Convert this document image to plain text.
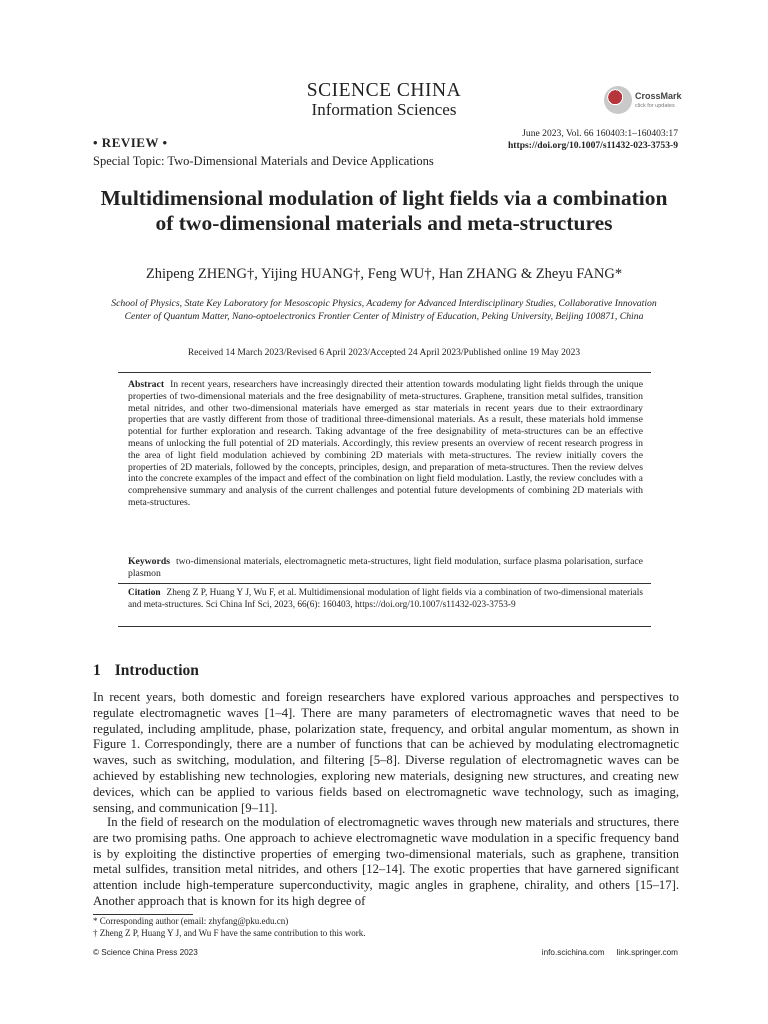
SCIENCE CHINA
Information Sciences
CrossMark
click for updates
• REVIEW •
June 2023, Vol. 66 160403:1–160403:17
https://doi.org/10.1007/s11432-023-3753-9
Special Topic: Two-Dimensional Materials and Device Applications
Multidimensional modulation of light fields via a combination of two-dimensional materials and meta-structures
Zhipeng ZHENG†, Yijing HUANG†, Feng WU†, Han ZHANG & Zheyu FANG*
School of Physics, State Key Laboratory for Mesoscopic Physics, Academy for Advanced Interdisciplinary Studies, Collaborative Innovation Center of Quantum Matter, Nano-optoelectronics Frontier Center of Ministry of Education, Peking University, Beijing 100871, China
Received 14 March 2023/Revised 6 April 2023/Accepted 24 April 2023/Published online 19 May 2023
Abstract In recent years, researchers have increasingly directed their attention towards modulating light fields through the unique properties of two-dimensional materials and the free designability of meta-structures. Graphene, transition metal sulfides, transition metal nitrides, and other two-dimensional materials have emerged as star materials in recent years due to their extraordinary properties that are vastly different from those of traditional three-dimensional materials. As a result, these materials hold immense potential for further exploration and research. Taking advantage of the free designability of meta-structures can be an effective means of unlocking the full potential of 2D materials. Accordingly, this review presents an overview of recent research progress in the area of light field modulation achieved by combining 2D materials with meta-structures. The review initially covers the properties of 2D materials, followed by the concepts, principles, design, and preparation of meta-structures. Then the review delves into the concrete examples of the impact and effect of the combination on light field modulation. Lastly, the review concludes with a comprehensive summary and analysis of the current challenges and potential future developments of combining 2D materials with meta-structures.
Keywords two-dimensional materials, electromagnetic meta-structures, light field modulation, surface plasma polarisation, surface plasmon
Citation Zheng Z P, Huang Y J, Wu F, et al. Multidimensional modulation of light fields via a combination of two-dimensional materials and meta-structures. Sci China Inf Sci, 2023, 66(6): 160403, https://doi.org/10.1007/s11432-023-3753-9
1 Introduction
In recent years, both domestic and foreign researchers have explored various approaches and perspectives to regulate electromagnetic waves [1–4]. There are many parameters of electromagnetic waves that need to be regulated, including amplitude, phase, polarization state, frequency, and orbital angular momentum, as shown in Figure 1. Correspondingly, there are a number of functions that can be achieved by modulating electromagnetic waves, such as switching, modulation, and filtering [5–8]. Diverse regulation of electromagnetic waves can be achieved by establishing new technologies, exploring new materials, designing new structures, and creating new devices, which can be applied to various fields based on electromagnetic wave technology, such as imaging, sensing, and communication [9–11].
In the field of research on the modulation of electromagnetic waves through new materials and structures, there are two promising paths. One approach to achieve electromagnetic wave modulation in a specific frequency band is by exploiting the distinctive properties of emerging two-dimensional materials, such as graphene, transition metal sulfides, transition metal nitrides, and others [12–14]. The exotic properties that have garnered significant attention include high-temperature superconductivity, magic angles in graphene, chirality, and others [15–17]. Another approach that is known for its high degree of
* Corresponding author (email: zhyfang@pku.edu.cn)
† Zheng Z P, Huang Y J, and Wu F have the same contribution to this work.
© Science China Press 2023	info.scichina.com link.springer.com
